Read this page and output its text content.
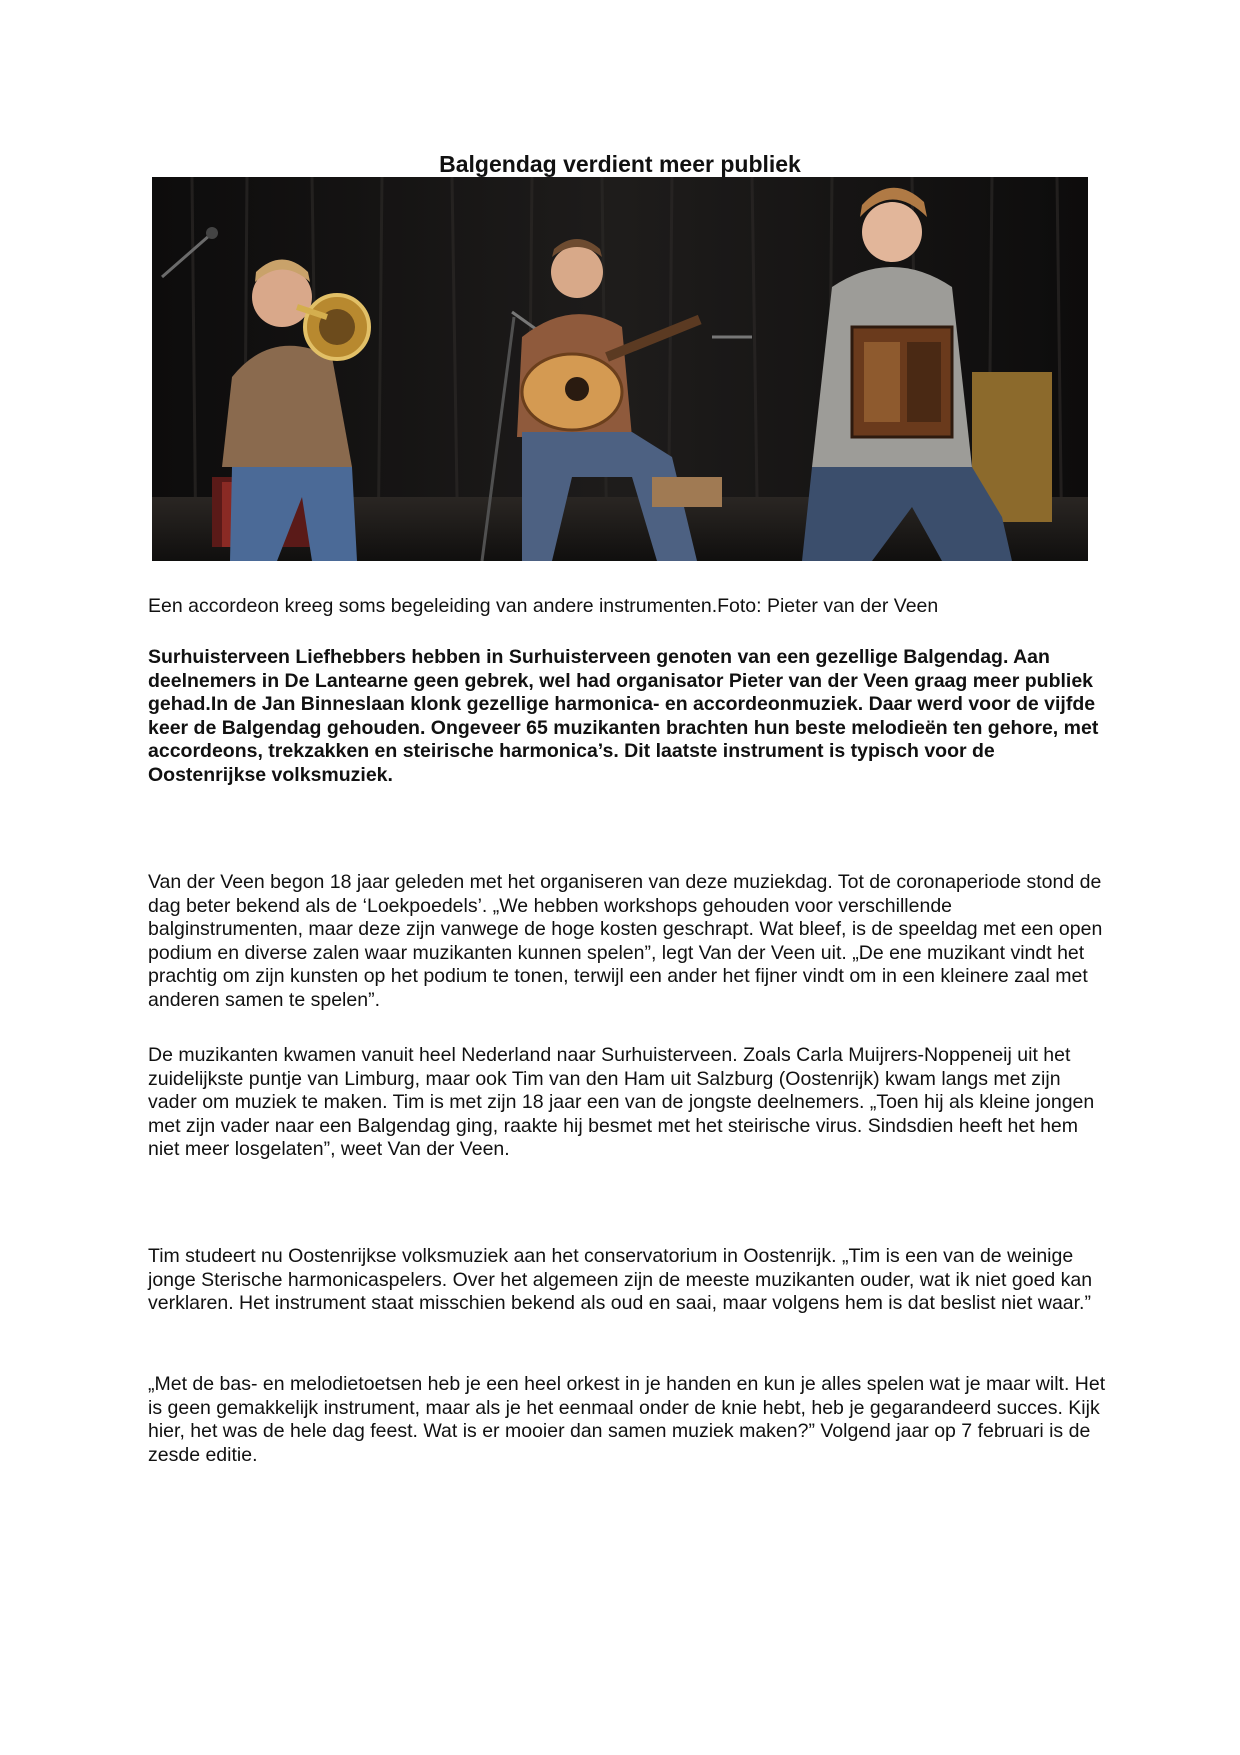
Balgendag verdient meer publiek
Een accordeon kreeg soms begeleiding van andere instrumenten.Foto: Pieter van der Veen

Surhuisterveen Liefhebbers hebben in Surhuisterveen genoten van een gezellige Balgendag. Aan deelnemers in De Lantearne geen gebrek, wel had organisator Pieter van der Veen graag meer publiek gehad.In de Jan Binneslaan klonk gezellige harmonica- en accordeonmuziek. Daar werd voor de vijfde keer de Balgendag gehouden. Ongeveer 65 muzikanten brachten hun beste melodieën ten gehore, met accordeons, trekzakken en steirische harmonica’s. Dit laatste instrument is typisch voor de Oostenrijkse volksmuziek.

Van der Veen begon 18 jaar geleden met het organiseren van deze muziekdag. Tot de coronaperiode stond de dag beter bekend als de ‘Loekpoedels’. „We hebben workshops gehouden voor verschillende balginstrumenten, maar deze zijn vanwege de hoge kosten geschrapt. Wat bleef, is de speeldag met een open podium en diverse zalen waar muzikanten kunnen spelen”, legt Van der Veen uit. „De ene muzikant vindt het prachtig om zijn kunsten op het podium te tonen, terwijl een ander het fijner vindt om in een kleinere zaal met anderen samen te spelen”.

De muzikanten kwamen vanuit heel Nederland naar Surhuisterveen. Zoals Carla Muijrers-Noppeneij uit het zuidelijkste puntje van Limburg, maar ook Tim van den Ham uit Salzburg (Oostenrijk) kwam langs met zijn vader om muziek te maken. Tim is met zijn 18 jaar een van de jongste deelnemers. „Toen hij als kleine jongen met zijn vader naar een Balgendag ging, raakte hij besmet met het steirische virus. Sindsdien heeft het hem niet meer losgelaten”, weet Van der Veen.

Tim studeert nu Oostenrijkse volksmuziek aan het conservatorium in Oostenrijk. „Tim is een van de weinige jonge Sterische harmonicaspelers. Over het algemeen zijn de meeste muzikanten ouder, wat ik niet goed kan verklaren. Het instrument staat misschien bekend als oud en saai, maar volgens hem is dat beslist niet waar.”

„Met de bas- en melodietoetsen heb je een heel orkest in je handen en kun je alles spelen wat je maar wilt. Het is geen gemakkelijk instrument, maar als je het eenmaal onder de knie hebt, heb je gegarandeerd succes. Kijk hier, het was de hele dag feest. Wat is er mooier dan samen muziek maken?” Volgend jaar op 7 februari is de zesde editie.
